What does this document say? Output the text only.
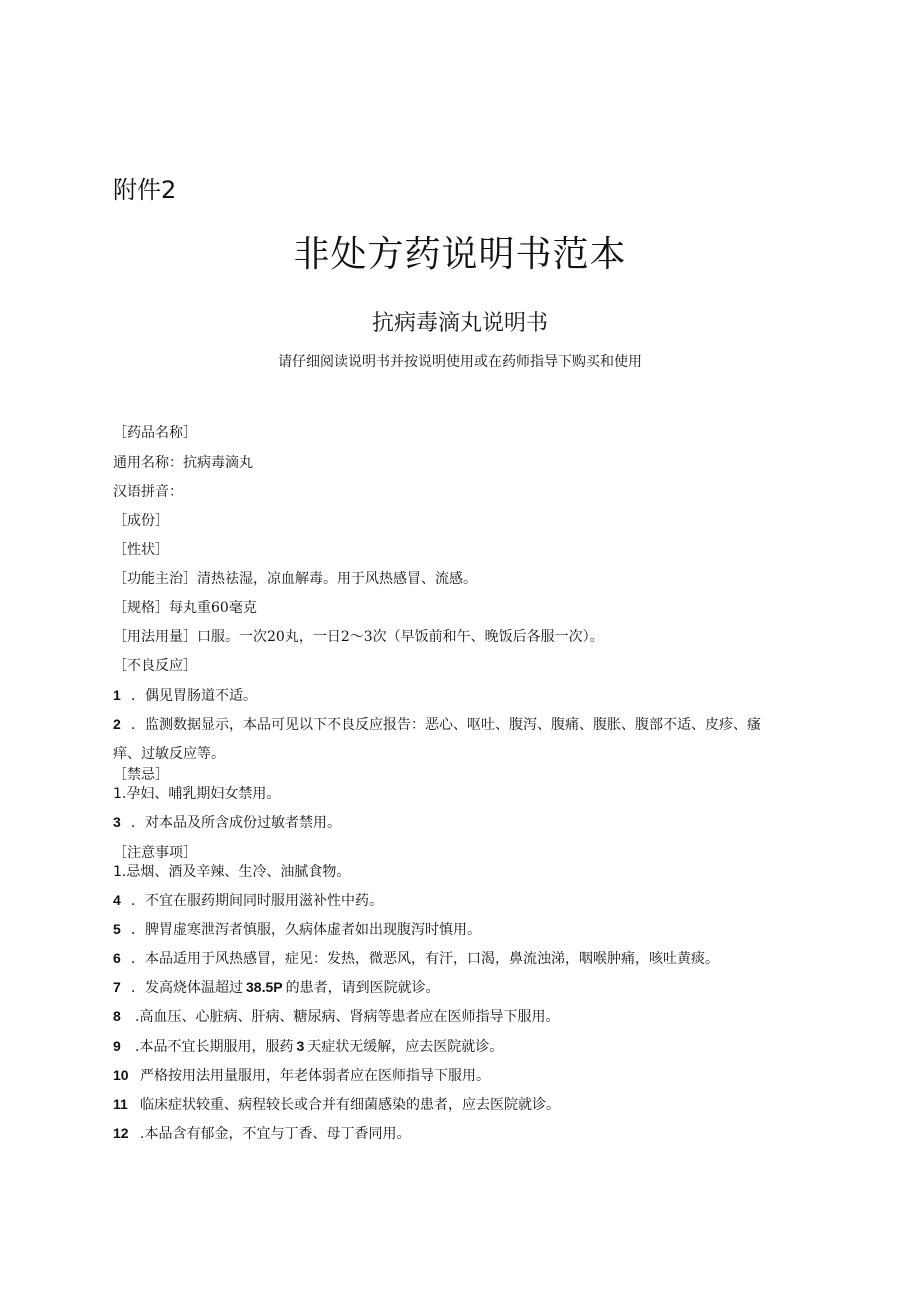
附件2
非处方药说明书范本
抗病毒滴丸说明书
请仔细阅读说明书并按说明使用或在药师指导下购买和使用
［药品名称］
通用名称：抗病毒滴丸
汉语拼音：
［成份］
［性状］
［功能主治］清热祛湿，凉血解毒。用于风热感冒、流感。
［规格］每丸重60毫克
［用法用量］口服。一次20丸，一日2～3次（早饭前和午、晚饭后各服一次）。
［不良反应］
1 ．偶见胃肠道不适。
2 ．监测数据显示，本品可见以下不良反应报告：恶心、呕吐、腹泻、腹痛、腹胀、腹部不适、皮疹、瘙
痒、过敏反应等。
［禁忌］
1.孕妇、哺乳期妇女禁用。
3 ．对本品及所含成份过敏者禁用。
［注意事项］
1.忌烟、酒及辛辣、生冷、油腻食物。
4 ．不宜在服药期间同时服用滋补性中药。
5 ．脾胃虚寒泄泻者慎服，久病体虚者如出现腹泻时慎用。
6 ．本品适用于风热感冒，症见：发热，微恶风，有汗，口渴，鼻流浊涕，咽喉肿痛，咳吐黄痰。
7 ．发高烧体温超过 38.5P 的患者，请到医院就诊。
8 .高血压、心脏病、肝病、糖尿病、肾病等患者应在医师指导下服用。
9 .本品不宜长期服用，服药 3 天症状无缓解，应去医院就诊。
10 严格按用法用量服用，年老体弱者应在医师指导下服用。
11 临床症状较重、病程较长或合并有细菌感染的患者，应去医院就诊。
12 .本品含有郁金，不宜与丁香、母丁香同用。
